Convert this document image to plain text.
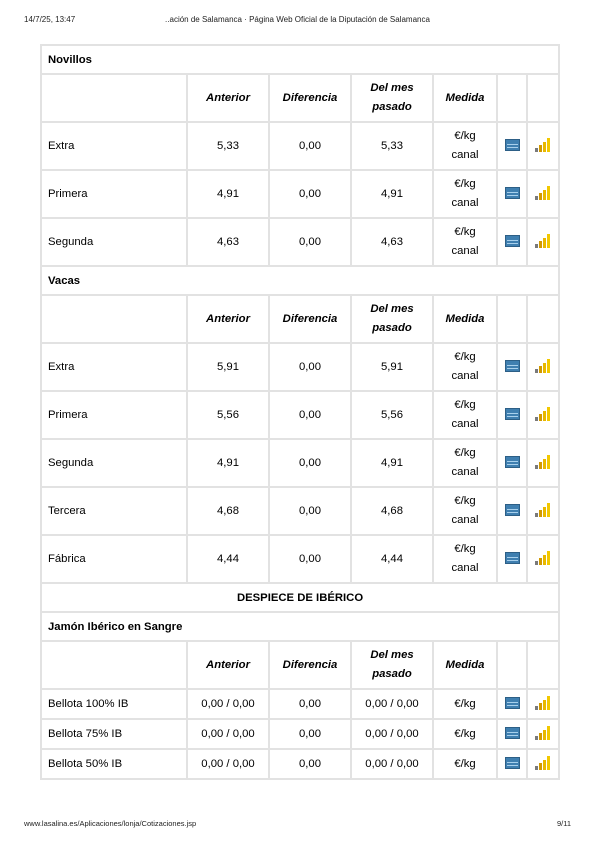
14/7/25, 13:47	..ación de Salamanca · Página Web Oficial de la Diputación de Salamanca
Novillos						
	Anterior	Diferencia	Del mes
pasado	Medida		
Extra	5,33	0,00	5,33	€/kg
canal		

Primera	4,91	0,00	4,91	€/kg
canal		

Segunda	4,63	0,00	4,63	€/kg
canal		

Vacas						
	Anterior	Diferencia	Del mes
pasado	Medida		
Extra	5,91	0,00	5,91	€/kg
canal		

Primera	5,56	0,00	5,56	€/kg
canal		

Segunda	4,91	0,00	4,91	€/kg
canal		

Tercera	4,68	0,00	4,68	€/kg
canal		

Fábrica	4,44	0,00	4,44	€/kg
canal		

DESPIECE DE IBÉRICO						
Jamón Ibérico en Sangre						
	Anterior	Diferencia	Del mes
pasado	Medida		
Bellota 100% IB	0,00 / 0,00	0,00	0,00 / 0,00	€/kg		

Bellota 75% IB	0,00 / 0,00	0,00	0,00 / 0,00	€/kg		

Bellota 50% IB	0,00 / 0,00	0,00	0,00 / 0,00	€/kg		
www.lasalina.es/Aplicaciones/lonja/Cotizaciones.jsp	9/11
